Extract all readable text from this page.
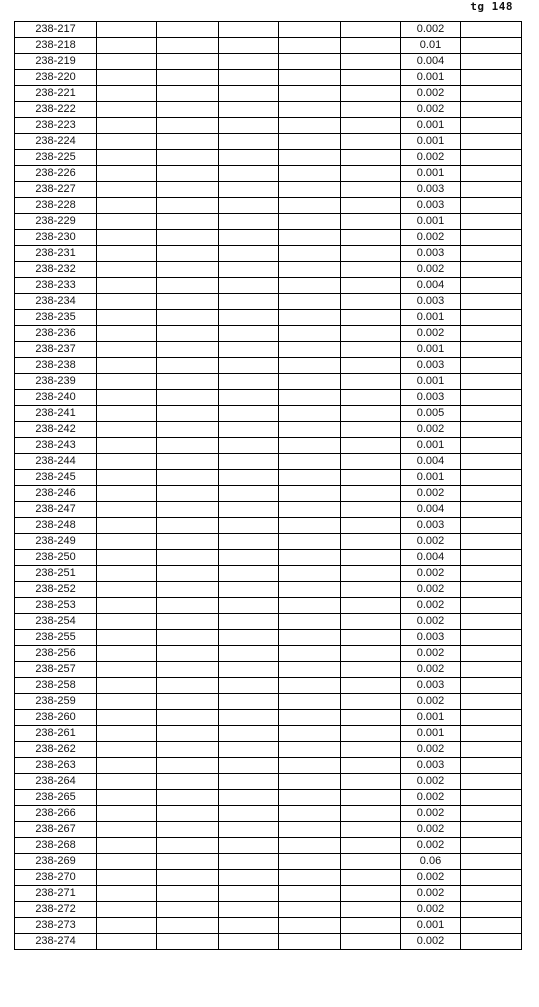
tg 148
238-217						0.002	
238-218						0.01	
238-219						0.004	
238-220						0.001	
238-221						0.002	
238-222						0.002	
238-223						0.001	
238-224						0.001	
238-225						0.002	
238-226						0.001	
238-227						0.003	
238-228						0.003	
238-229						0.001	
238-230						0.002	
238-231						0.003	
238-232						0.002	
238-233						0.004	
238-234						0.003	
238-235						0.001	
238-236						0.002	
238-237						0.001	
238-238						0.003	
238-239						0.001	
238-240						0.003	
238-241						0.005	
238-242						0.002	
238-243						0.001	
238-244						0.004	
238-245						0.001	
238-246						0.002	
238-247						0.004	
238-248						0.003	
238-249						0.002	
238-250						0.004	
238-251						0.002	
238-252						0.002	
238-253						0.002	
238-254						0.002	
238-255						0.003	
238-256						0.002	
238-257						0.002	
238-258						0.003	
238-259						0.002	
238-260						0.001	
238-261						0.001	
238-262						0.002	
238-263						0.003	
238-264						0.002	
238-265						0.002	
238-266						0.002	
238-267						0.002	
238-268						0.002	
238-269						0.06	
238-270						0.002	
238-271						0.002	
238-272						0.002	
238-273						0.001	
238-274						0.002	
